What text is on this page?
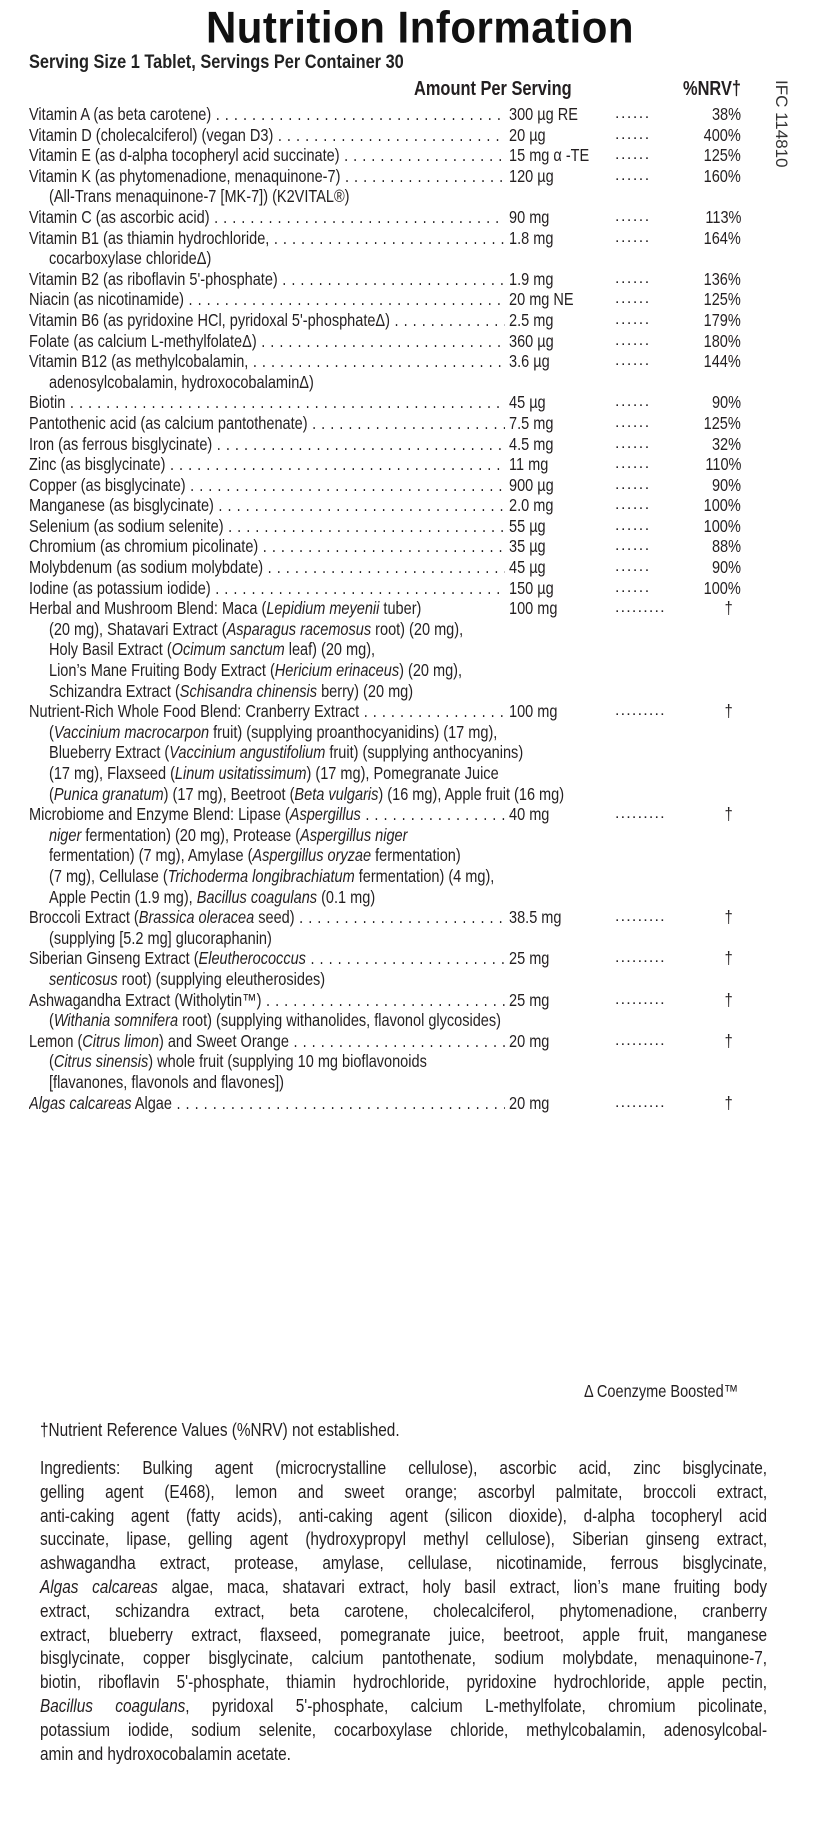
Nutrition Information
Serving Size 1 Tablet, Servings Per Container 30
Amount Per Serving	%NRV† IFC 114810
Vitamin A (as beta carotene) . . .	300 µg RE ......	38%
Vitamin D (cholecalciferol) (vegan D3) . . .	20 µg	......	400%
Vitamin E (as d-alpha tocopheryl acid succinate) . . .	15 mg α -TE ......	125%
Vitamin K (as phytomenadione, menaquinone-7) . . .	120 µg	......	160%
(All-Trans menaquinone-7 [MK-7]) (K2VITAL®)
Vitamin C (as ascorbic acid) . . .	90 mg	......	113%
Vitamin B1 (as thiamin hydrochloride, . . .	1.8 mg	......	164%
cocarboxylase chlorideΔ)
Vitamin B2 (as riboflavin 5'-phosphate) . . .	1.9 mg	......	136%
Niacin (as nicotinamide) . . .	20 mg NE	......	125%
Vitamin B6 (as pyridoxine HCl, pyridoxal 5'-phosphateΔ) . . .	2.5 mg	......	179%
Folate (as calcium L-methylfolateΔ) . . .	360 µg	......	180%
Vitamin B12 (as methylcobalamin, . . .	3.6 µg	......	144%
adenosylcobalamin, hydroxocobalaminΔ)
Biotin . . .	45 µg	......	90%
Pantothenic acid (as calcium pantothenate) . . .	7.5 mg	......	125%
Iron (as ferrous bisglycinate) . . .	4.5 mg	......	32%
Zinc (as bisglycinate) . . .	11 mg	......	110%
Copper (as bisglycinate) . . .	900 µg	......	90%
Manganese (as bisglycinate) . . .	2.0 mg	......	100%
Selenium (as sodium selenite) . . .	55 µg	......	100%
Chromium (as chromium picolinate) . . .	35 µg	......	88%
Molybdenum (as sodium molybdate) . . .	45 µg	......	90%
Iodine (as potassium iodide) . . .	150 µg	......	100%
Herbal and Mushroom Blend: Maca (Lepidium meyenii tuber)	100 mg	.........	†
(20 mg), Shatavari Extract (Asparagus racemosus root) (20 mg),
Holy Basil Extract (Ocimum sanctum leaf) (20 mg),
Lion’s Mane Fruiting Body Extract (Hericium erinaceus) (20 mg),
Schizandra Extract (Schisandra chinensis berry) (20 mg)
Nutrient-Rich Whole Food Blend: Cranberry Extract . . .	100 mg	.........	†
(Vaccinium macrocarpon fruit) (supplying proanthocyanidins) (17 mg),
Blueberry Extract (Vaccinium angustifolium fruit) (supplying anthocyanins)
(17 mg), Flaxseed (Linum usitatissimum) (17 mg), Pomegranate Juice
(Punica granatum) (17 mg), Beetroot (Beta vulgaris) (16 mg), Apple fruit (16 mg)
Microbiome and Enzyme Blend: Lipase (Aspergillus . . .	40 mg	.........	†
niger fermentation) (20 mg), Protease (Aspergillus niger
fermentation) (7 mg), Amylase (Aspergillus oryzae fermentation)
(7 mg), Cellulase (Trichoderma longibrachiatum fermentation) (4 mg),
Apple Pectin (1.9 mg), Bacillus coagulans (0.1 mg)
Broccoli Extract (Brassica oleracea seed) . . .	38.5 mg	.........	†
(supplying [5.2 mg] glucoraphanin)
Siberian Ginseng Extract (Eleutherococcus . . .	25 mg	.........	†
senticosus root) (supplying eleutherosides)
Ashwagandha Extract (Witholytin™) . . .	25 mg	.........	†
(Withania somnifera root) (supplying withanolides, flavonol glycosides)
Lemon (Citrus limon) and Sweet Orange . . .	20 mg	.........	†
(Citrus sinensis) whole fruit (supplying 10 mg bioflavonoids
[flavanones, flavonols and flavones])
Algas calcareas Algae . . .	20 mg	.........	†
Δ Coenzyme Boosted™
†Nutrient Reference Values (%NRV) not established.
Ingredients: Bulking agent (microcrystalline cellulose), ascorbic acid, zinc bisglycinate,
gelling agent (E468), lemon and sweet orange; ascorbyl palmitate, broccoli extract,
anti-caking agent (fatty acids), anti-caking agent (silicon dioxide), d-alpha tocopheryl acid
succinate, lipase, gelling agent (hydroxypropyl methyl cellulose), Siberian ginseng extract,
ashwagandha extract, protease, amylase, cellulase, nicotinamide, ferrous bisglycinate,
Algas calcareas algae, maca, shatavari extract, holy basil extract, lion’s mane fruiting body
extract, schizandra extract, beta carotene, cholecalciferol, phytomenadione, cranberry
extract, blueberry extract, flaxseed, pomegranate juice, beetroot, apple fruit, manganese
bisglycinate, copper bisglycinate, calcium pantothenate, sodium molybdate, menaquinone-7,
biotin, riboflavin 5'-phosphate, thiamin hydrochloride, pyridoxine hydrochloride, apple pectin,
Bacillus coagulans, pyridoxal 5'-phosphate, calcium L-methylfolate, chromium picolinate,
potassium iodide, sodium selenite, cocarboxylase chloride, methylcobalamin, adenosylcobal-
amin and hydroxocobalamin acetate.
